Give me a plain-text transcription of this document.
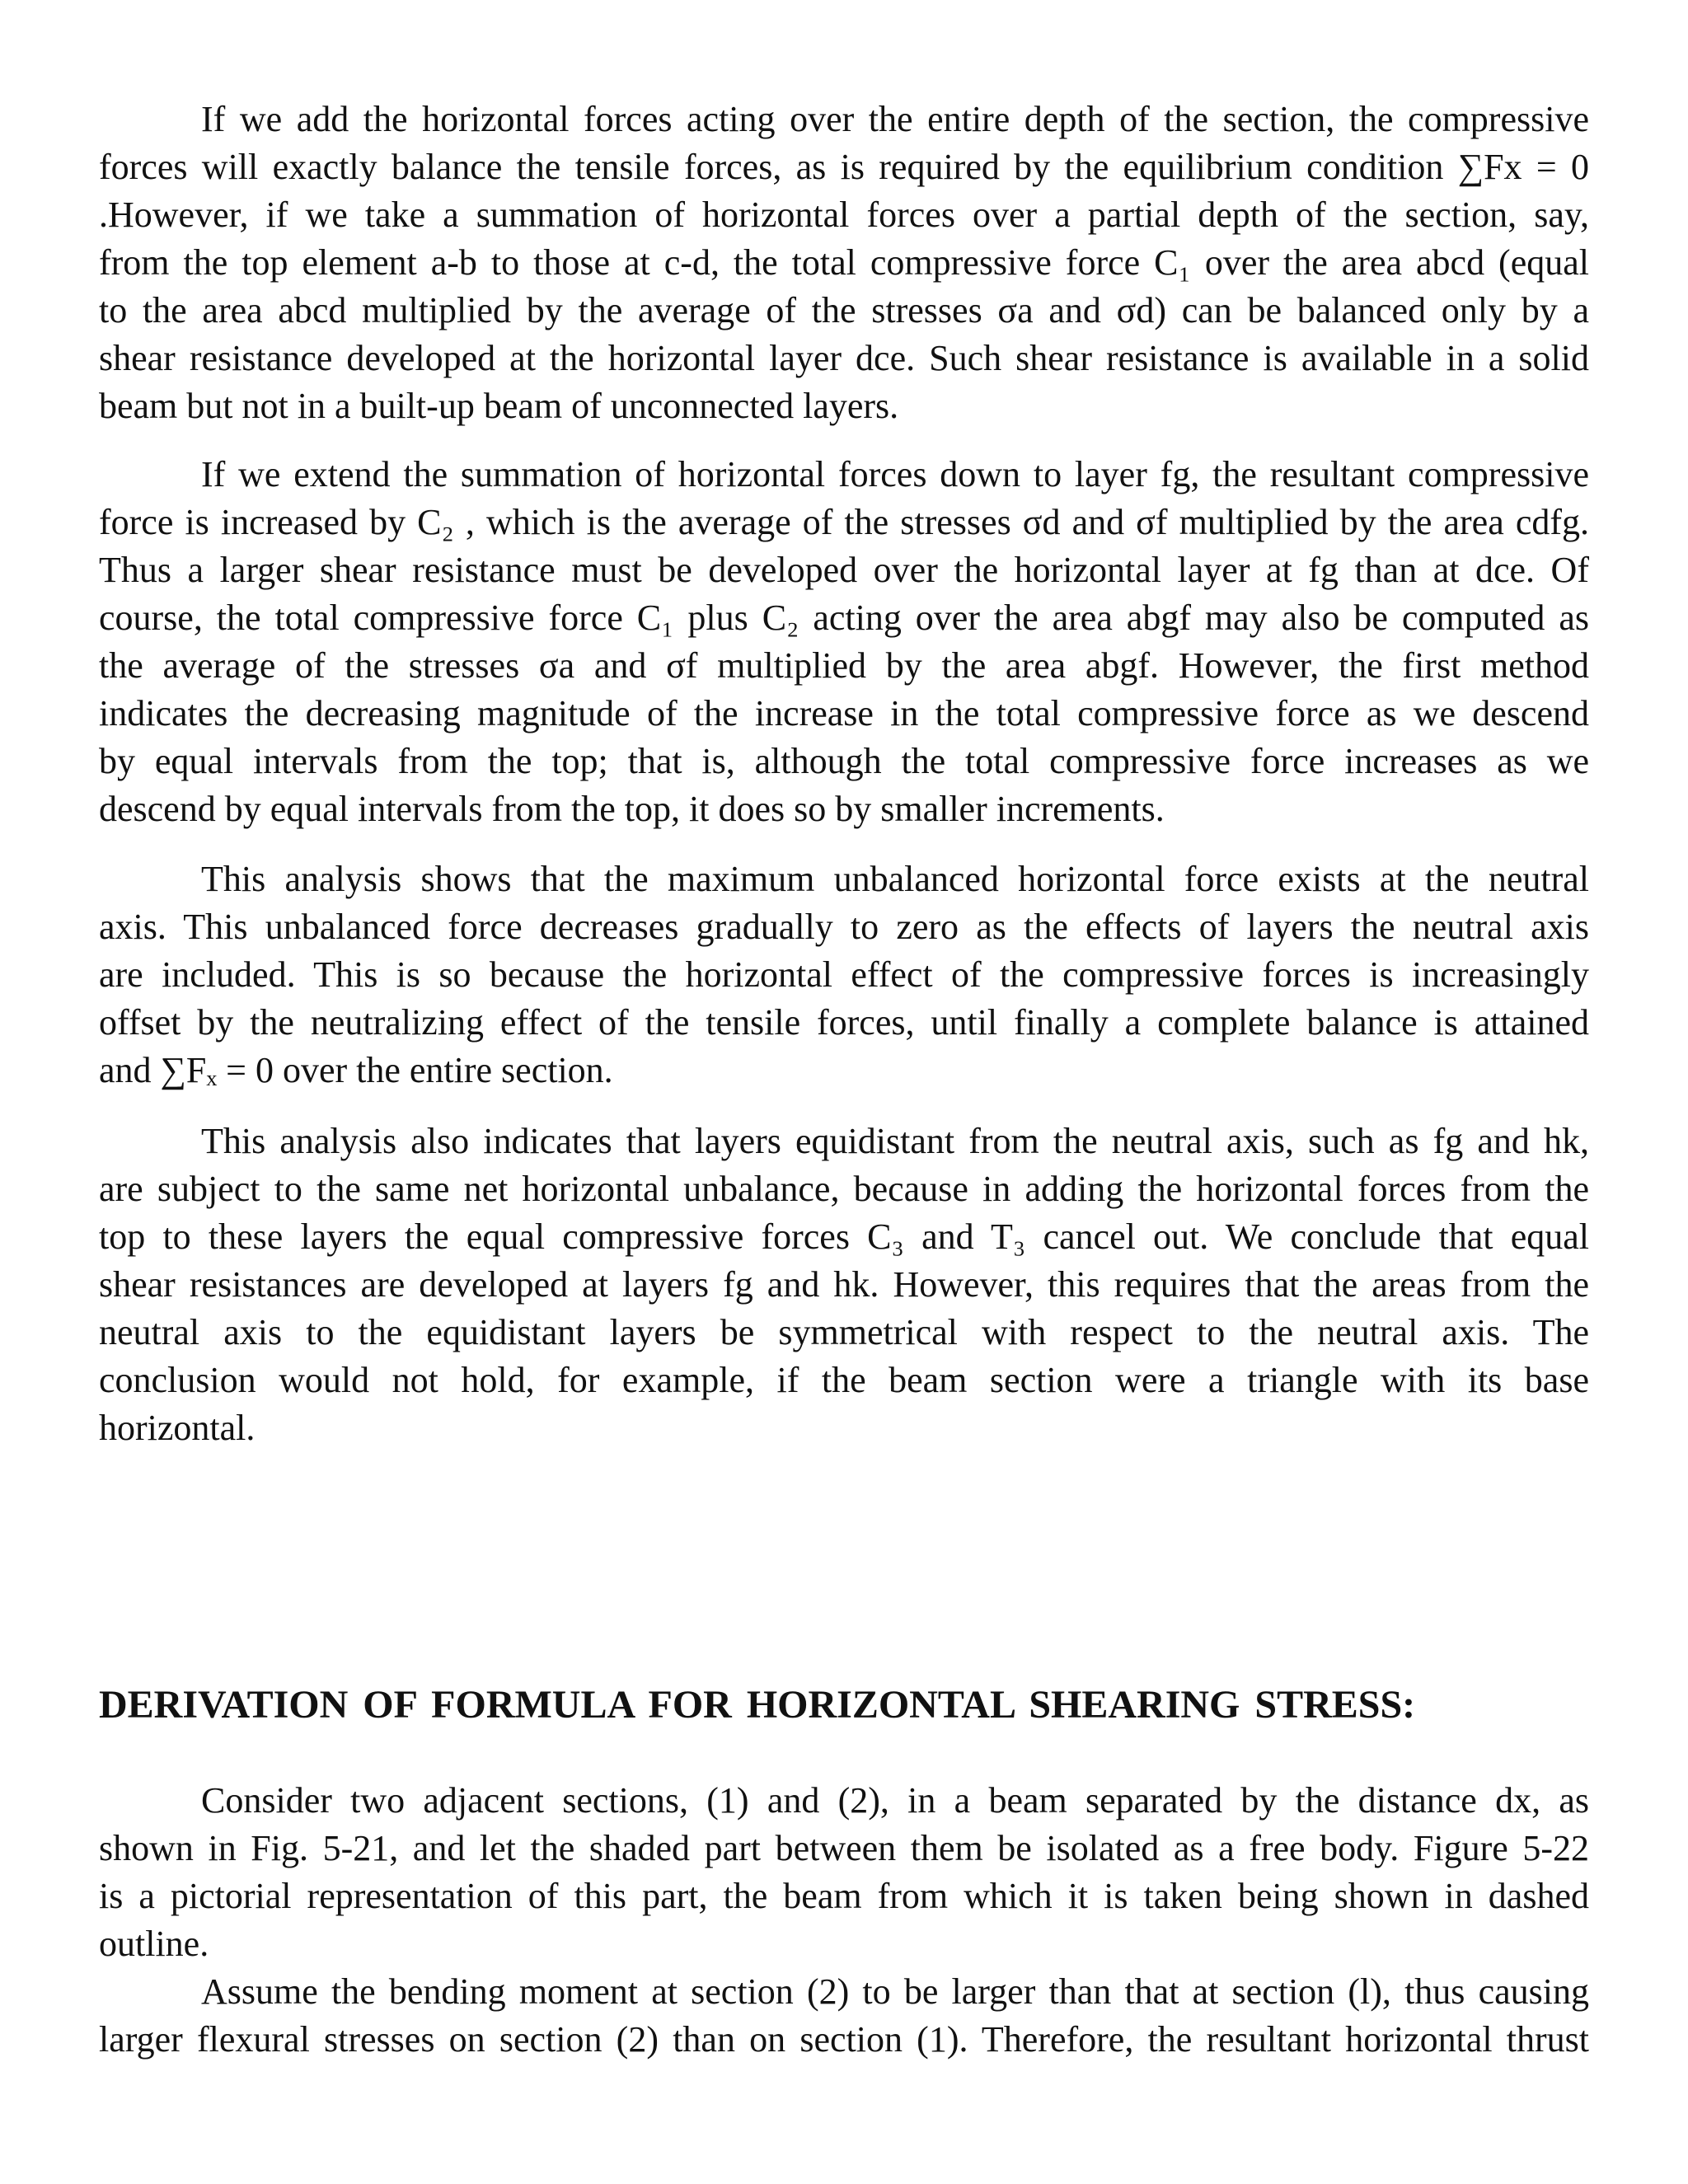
If we add the horizontal forces acting over the entire depth of the section, the compressive
forces will exactly balance the tensile forces, as is required by the equilibrium condition ∑Fx = 0
.However, if we take a summation of horizontal forces over a partial depth of the section, say,
from the top element a-b to those at c-d, the total compressive force C₁ over the area abcd (equal
to the area abcd multiplied by the average of the stresses σa and σd) can be balanced only by a
shear resistance developed at the horizontal layer dce. Such shear resistance is available in a solid
beam but not in a built-up beam of unconnected layers.
If we extend the summation of horizontal forces down to layer fg, the resultant compressive
force is increased by C₂ , which is the average of the stresses σd and σf multiplied by the area cdfg.
Thus a larger shear resistance must be developed over the horizontal layer at fg than at dce. Of
course, the total compressive force C₁ plus C₂ acting over the area abgf may also be computed as
the average of the stresses σa and σf multiplied by the area abgf. However, the first method
indicates the decreasing magnitude of the increase in the total compressive force as we descend
by equal intervals from the top; that is, although the total compressive force increases as we
descend by equal intervals from the top, it does so by smaller increments.
This analysis shows that the maximum unbalanced horizontal force exists at the neutral
axis. This unbalanced force decreases gradually to zero as the effects of layers the neutral axis
are included. This is so because the horizontal effect of the compressive forces is increasingly
offset by the neutralizing effect of the tensile forces, until finally a complete balance is attained
and ∑Fₓ = 0 over the entire section.
This analysis also indicates that layers equidistant from the neutral axis, such as fg and hk,
are subject to the same net horizontal unbalance, because in adding the horizontal forces from the
top to these layers the equal compressive forces C₃ and T₃ cancel out. We conclude that equal
shear resistances are developed at layers fg and hk. However, this requires that the areas from the
neutral axis to the equidistant layers be symmetrical with respect to the neutral axis. The
conclusion would not hold, for example, if the beam section were a triangle with its base
horizontal.
DERIVATION OF FORMULA FOR HORIZONTAL SHEARING STRESS:
Consider two adjacent sections, (1) and (2), in a beam separated by the distance dx, as
shown in Fig. 5-21, and let the shaded part between them be isolated as a free body. Figure 5-22
is a pictorial representation of this part, the beam from which it is taken being shown in dashed
outline.
Assume the bending moment at section (2) to be larger than that at section (l), thus causing
larger flexural stresses on section (2) than on section (1). Therefore, the resultant horizontal thrust
